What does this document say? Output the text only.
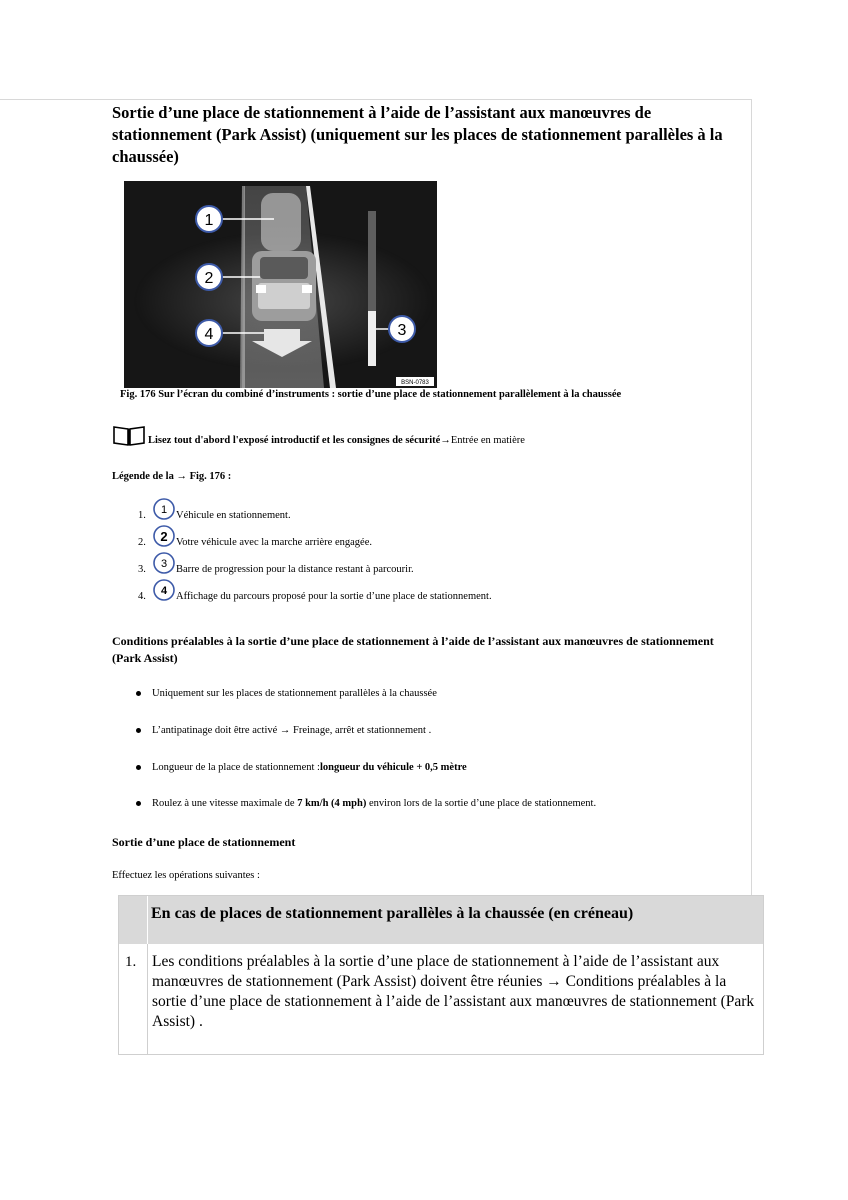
Sortie d’une place de stationnement à l’aide de l’assistant aux manœuvres de stationnement (Park Assist) (uniquement sur les places de stationnement parallèles à la chaussée)
1
2
4	3
BSN-0783
Fig. 176 Sur l’écran du combiné d’instruments : sortie d’une place de stationnement parallèlement à la chaussée
Lisez tout d'abord l'exposé introductif et les consignes de sécurité →Entrée en matière
Légende de la → Fig. 176 :
1.	1 Véhicule en stationnement.
2.	2 Votre véhicule avec la marche arrière engagée.
3.	3 Barre de progression pour la distance restant à parcourir.
4.	4 Affichage du parcours proposé pour la sortie d’une place de stationnement.
Conditions préalables à la sortie d’une place de stationnement à l’aide de l’assistant aux manœuvres de stationnement (Park Assist)
Uniquement sur les places de stationnement parallèles à la chaussée
L’antipatinage doit être activé → Freinage, arrêt et stationnement .
Longueur de la place de stationnement : longueur du véhicule + 0,5 mètre
Roulez à une vitesse maximale de 7 km/h (4 mph) environ lors de la sortie d’une place de stationnement.
Sortie d’une place de stationnement
Effectuez les opérations suivantes :
En cas de places de stationnement parallèles à la chaussée (en créneau)
1. Les conditions préalables à la sortie d’une place de stationnement à l’aide de l’assistant aux manœuvres de stationnement (Park Assist) doivent être réunies → Conditions préalables à la sortie d’une place de stationnement à l’aide de l’assistant aux manœuvres de stationnement (Park Assist) .
